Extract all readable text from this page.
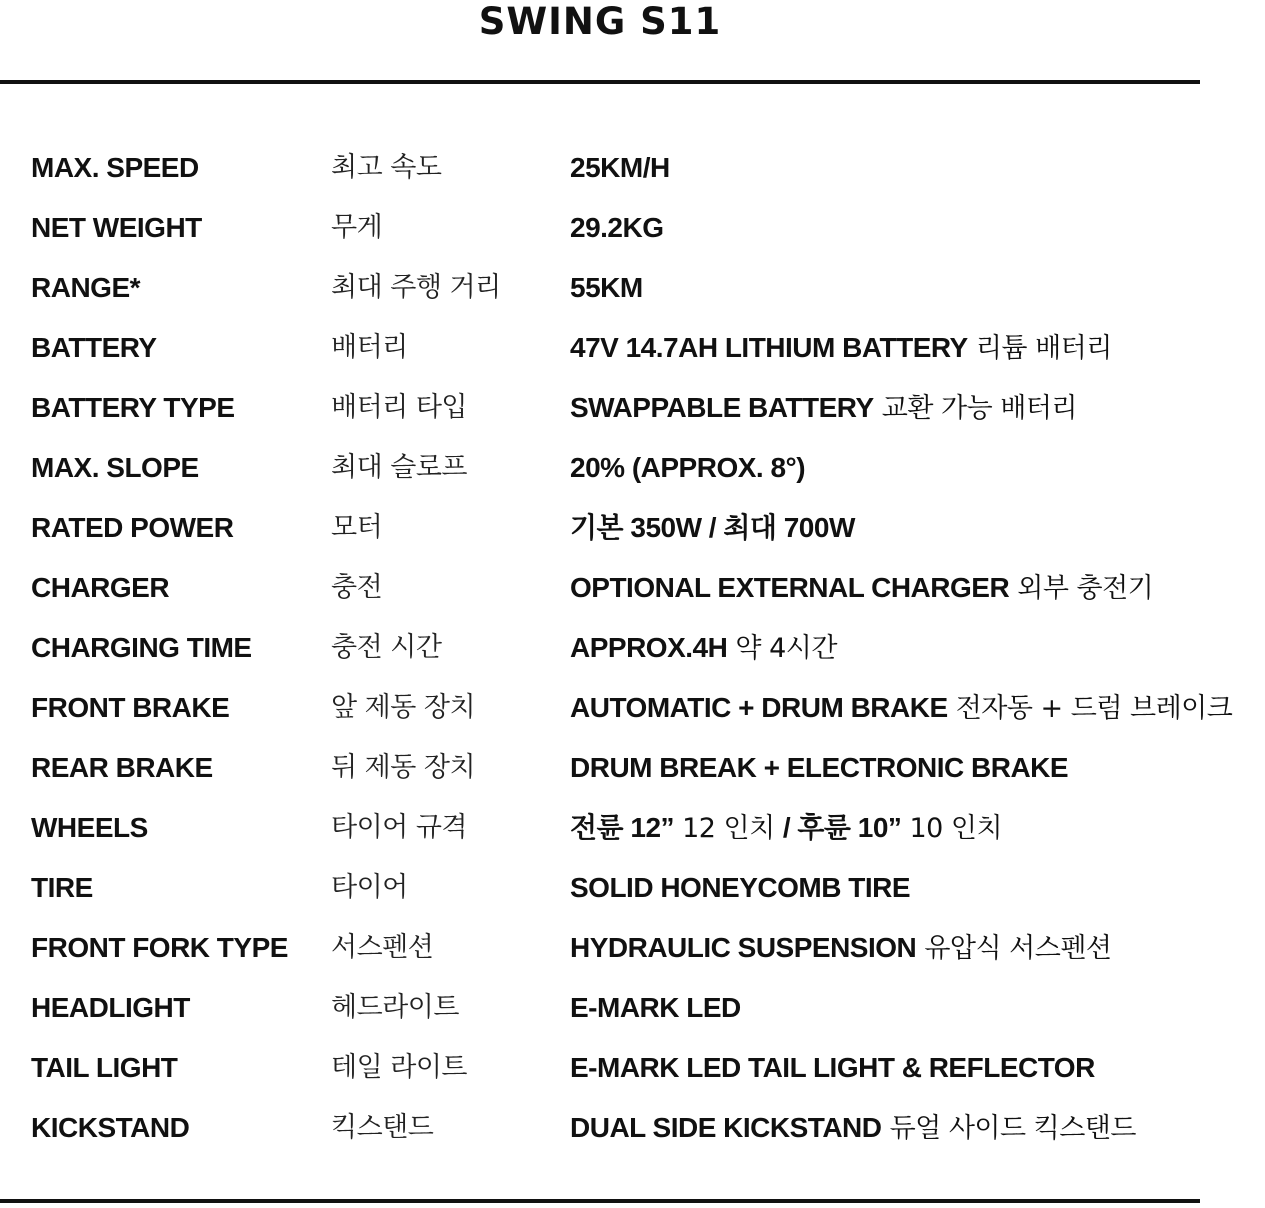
SWING S11
MAX. SPEED	최고 속도	25KM/H
NET WEIGHT	무게	29.2KG
RANGE*	최대 주행 거리	55KM
BATTERY	배터리	47V 14.7AH LITHIUM BATTERY 리튬 배터리
BATTERY TYPE	배터리 타입	SWAPPABLE BATTERY 교환 가능 배터리
MAX. SLOPE	최대 슬로프	20% (APPROX. 8°)
RATED POWER	모터	기본 350W / 최대 700W
CHARGER	충전	OPTIONAL EXTERNAL CHARGER 외부 충전기
CHARGING TIME	충전 시간	APPROX.4H 약 4시간
FRONT BRAKE	앞 제동 장치	AUTOMATIC + DRUM BRAKE 전자동 + 드럼 브레이크
REAR BRAKE	뒤 제동 장치	DRUM BREAK + ELECTRONIC BRAKE
WHEELS	타이어 규격	전륜 12” 12 인치 / 후륜 10” 10 인치
TIRE	타이어	SOLID HONEYCOMB TIRE
FRONT FORK TYPE	서스펜션	HYDRAULIC SUSPENSION 유압식 서스펜션
HEADLIGHT	헤드라이트	E-MARK LED
TAIL LIGHT	테일 라이트	E-MARK LED TAIL LIGHT & REFLECTOR
KICKSTAND	킥스탠드	DUAL SIDE KICKSTAND 듀얼 사이드 킥스탠드
